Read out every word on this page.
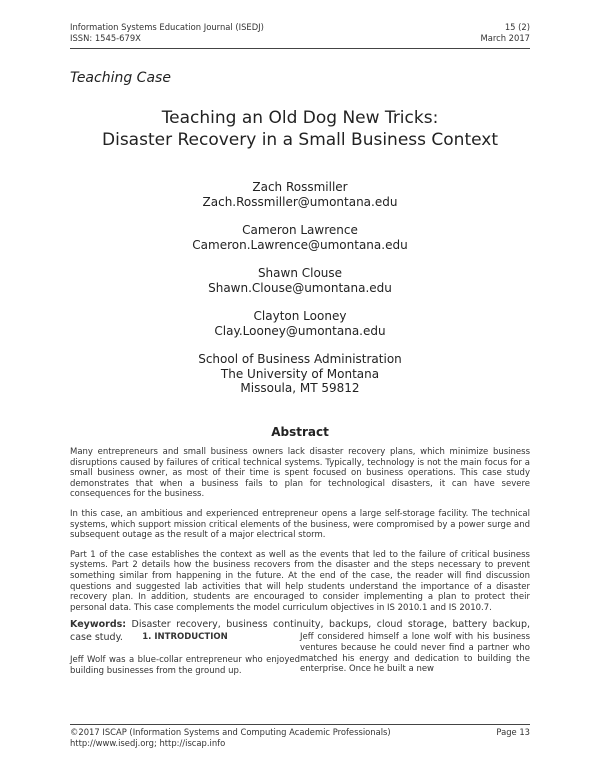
Information Systems Education Journal (ISEDJ)	15 (2)
ISSN: 1545-679X	March 2017
Teaching Case
Teaching an Old Dog New Tricks:
Disaster Recovery in a Small Business Context
Zach Rossmiller
Zach.Rossmiller@umontana.edu
Cameron Lawrence
Cameron.Lawrence@umontana.edu
Shawn Clouse
Shawn.Clouse@umontana.edu
Clayton Looney
Clay.Looney@umontana.edu
School of Business Administration
The University of Montana
Missoula, MT 59812
Abstract

Many entrepreneurs and small business owners lack disaster recovery plans, which minimize business disruptions caused by failures of critical technical systems. Typically, technology is not the main focus for a small business owner, as most of their time is spent focused on business operations. This case study demonstrates that when a business fails to plan for technological disasters, it can have severe consequences for the business.

In this case, an ambitious and experienced entrepreneur opens a large self-storage facility. The technical systems, which support mission critical elements of the business, were compromised by a power surge and subsequent outage as the result of a major electrical storm.

Part 1 of the case establishes the context as well as the events that led to the failure of critical business systems. Part 2 details how the business recovers from the disaster and the steps necessary to prevent something similar from happening in the future. At the end of the case, the reader will find discussion questions and suggested lab activities that will help students understand the importance of a disaster recovery plan. In addition, students are encouraged to consider implementing a plan to protect their personal data. This case complements the model curriculum objectives in IS 2010.1 and IS 2010.7.

Keywords: Disaster recovery, business continuity, backups, cloud storage, battery backup, case study.	1. INTRODUCTION
Jeff Wolf was a blue-collar entrepreneur who enjoyed building businesses from the ground up.
Jeff considered himself a lone wolf with his business ventures because he could never find a partner who matched his energy and dedication to building the enterprise. Once he built a new
©2017 ISCAP (Information Systems and Computing Academic Professionals)	Page 13
http://www.isedj.org; http://iscap.info
